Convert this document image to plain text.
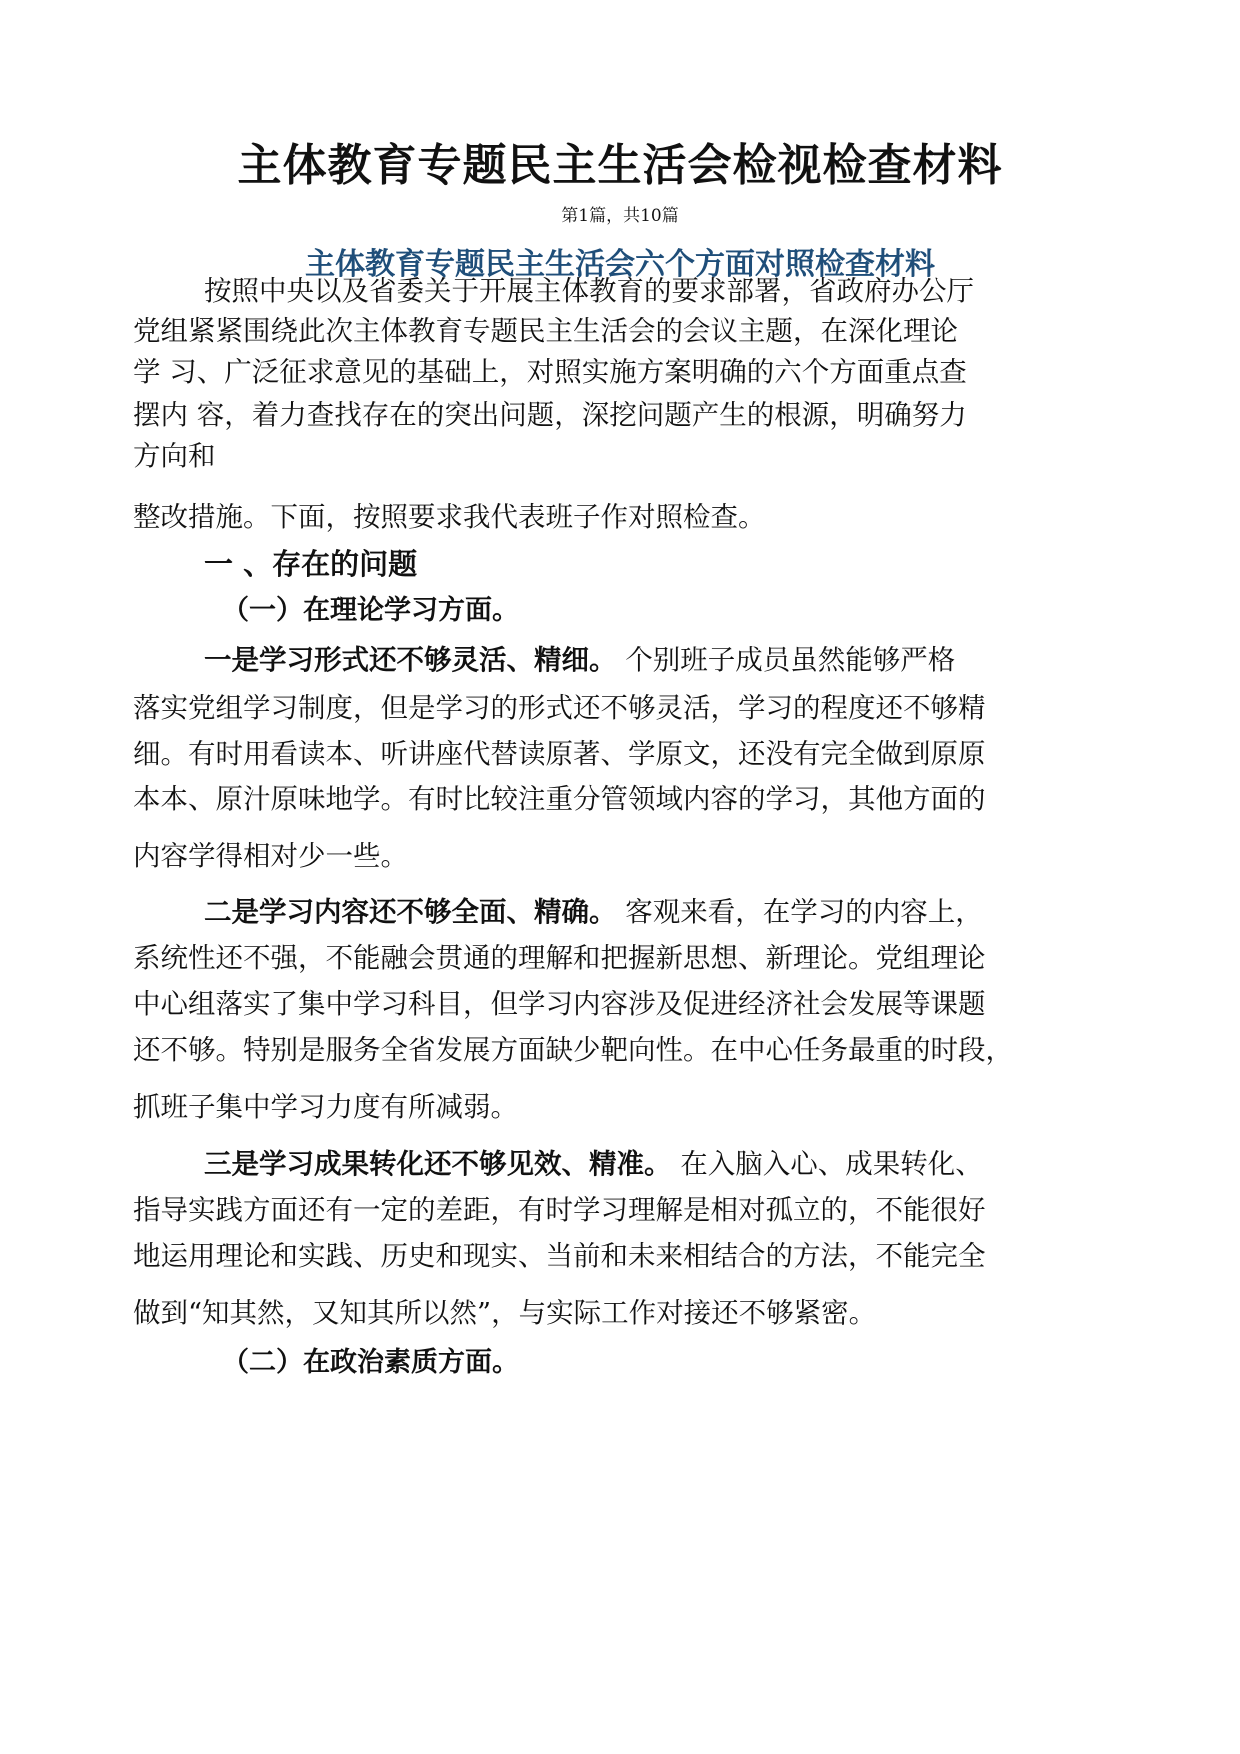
主体教育专题民主生活会检视检查材料
第1篇，共10篇
主体教育专题民主生活会六个方面对照检查材料
按照中央以及省委关于开展主体教育的要求部署，省政府办公厅
党组紧紧围绕此次主体教育专题民主生活会的会议主题，在深化理论
学 习、广泛征求意见的基础上，对照实施方案明确的六个方面重点查
摆内 容，着力查找存在的突出问题，深挖问题产生的根源，明确努力
方向和
整改措施。下面，按照要求我代表班子作对照检查。
一 、存在的问题
（一）在理论学习方面。
一是学习形式还不够灵活、精细。 个别班子成员虽然能够严格
落实党组学习制度，但是学习的形式还不够灵活，学习的程度还不够精
细。有时用看读本、听讲座代替读原著、学原文，还没有完全做到原原
本本、原汁原味地学。有时比较注重分管领域内容的学习，其他方面的
内容学得相对少一些。
二是学习内容还不够全面、精确。 客观来看，在学习的内容上，
系统性还不强，不能融会贯通的理解和把握新思想、新理论。党组理论
中心组落实了集中学习科目，但学习内容涉及促进经济社会发展等课题
还不够。特别是服务全省发展方面缺少靶向性。在中心任务最重的时段，
抓班子集中学习力度有所减弱。
三是学习成果转化还不够见效、精准。 在入脑入心、成果转化、
指导实践方面还有一定的差距，有时学习理解是相对孤立的，不能很好
地运用理论和实践、历史和现实、当前和未来相结合的方法，不能完全
做到“知其然，又知其所以然”，与实际工作对接还不够紧密。
（二）在政治素质方面。
